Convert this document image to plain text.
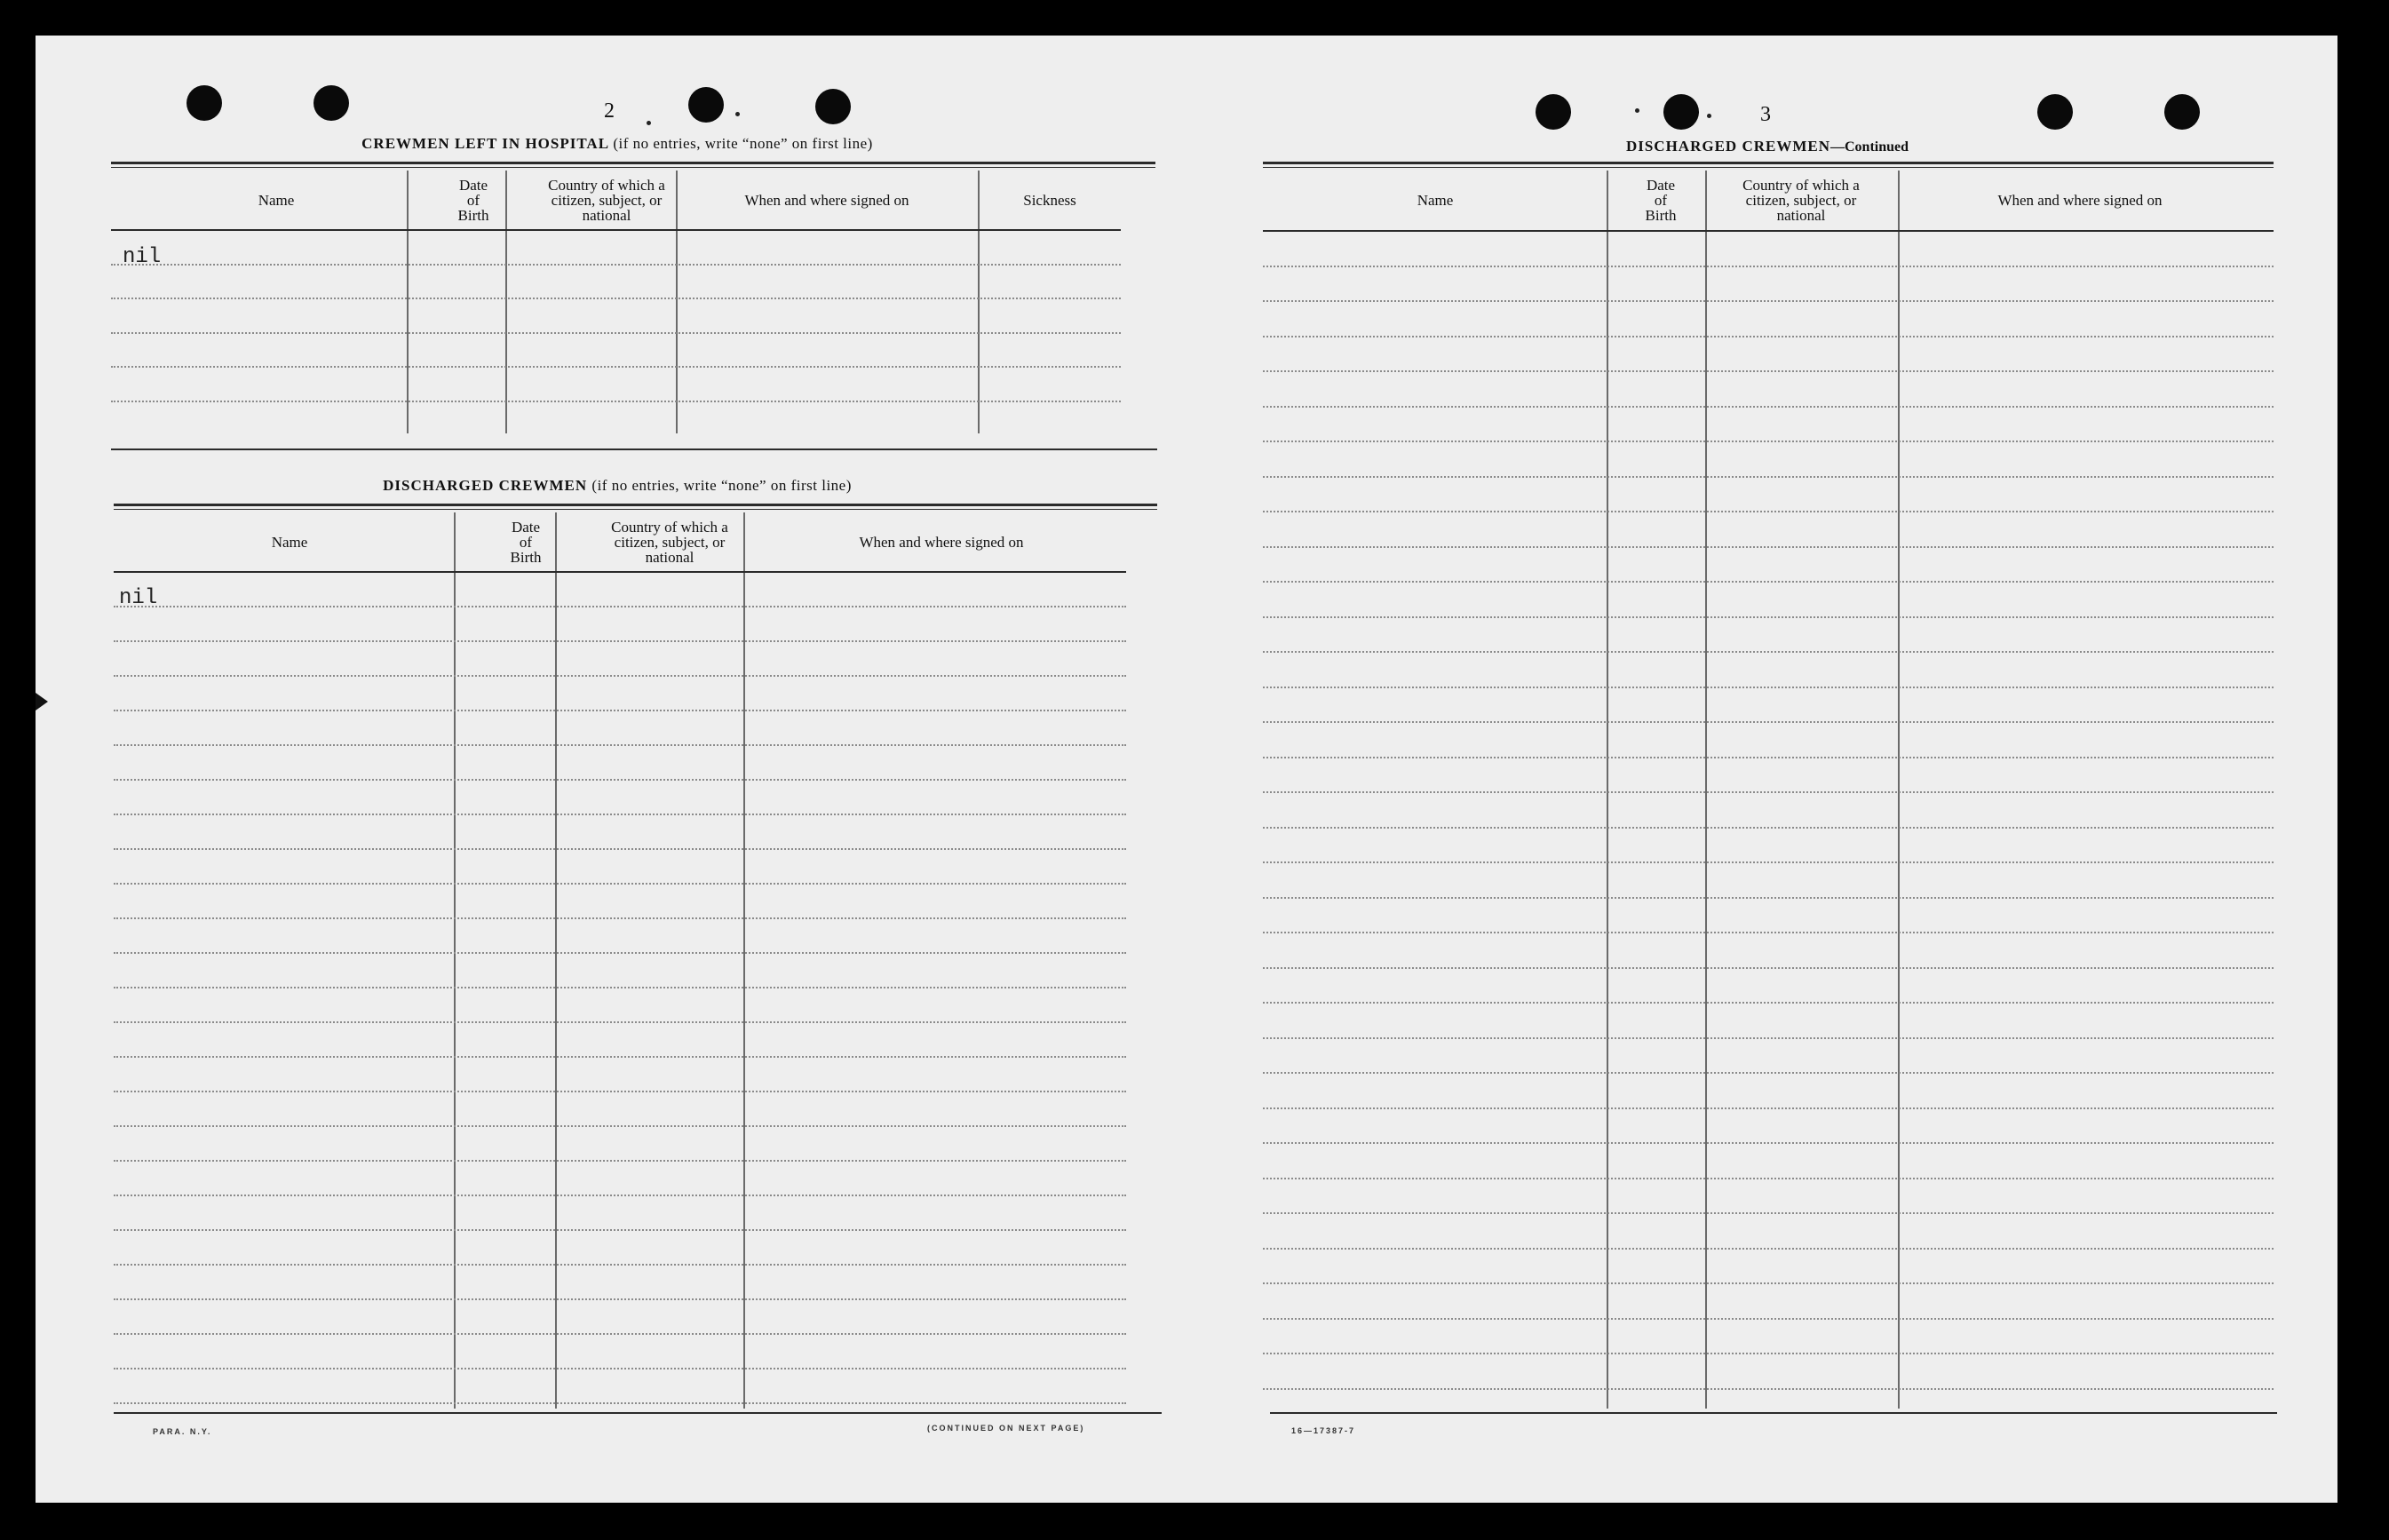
2
CREWMEN LEFT IN HOSPITAL (if no entries, write “none” on first line)
Name
Date
of
Birth
Country of which a
citizen, subject, or
national
When and where signed on	Sickness
nil
DISCHARGED CREWMEN (if no entries, write “none” on first line)
Name
Date
of
Birth
Country of which a
citizen, subject, or
national
When and where signed on
nil
PARA. N.Y.	(CONTINUED ON NEXT PAGE)
3
DISCHARGED CREWMEN—Continued
Name
Date
of
Birth
Country of which a
citizen, subject, or
national
When and where signed on
16—17387-7
